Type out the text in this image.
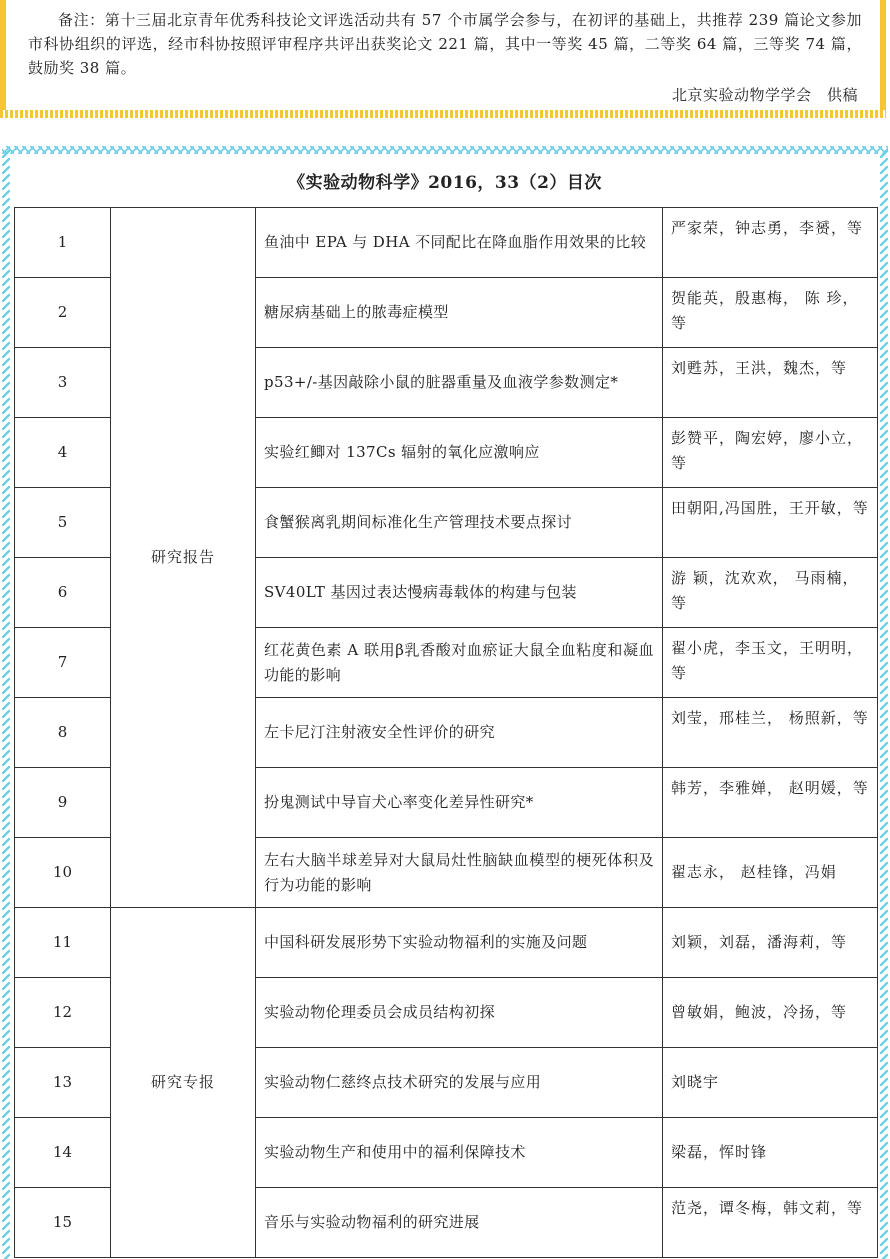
备注：第十三届北京青年优秀科技论文评选活动共有 57 个市属学会参与，在初评的基础上，共推荐 239 篇论文参加市科协组织的评选，经市科协按照评审程序共评出获奖论文 221 篇，其中一等奖 45 篇，二等奖 64 篇，三等奖 74 篇，鼓励奖 38 篇。
北京实验动物学学会　供稿
《实验动物科学》2016，33（2）目次
1	研究报告	鱼油中 EPA 与 DHA 不同配比在降血脂作用效果的比较	严家荣，钟志勇，李赟，等
2		糖尿病基础上的脓毒症模型	贺能英，殷惠梅， 陈 珍，等
3		p53+/-基因敲除小鼠的脏器重量及血液学参数测定*	刘甦苏，王洪，魏杰，等
4		实验红鲫对 137Cs 辐射的氧化应激响应	彭赞平，陶宏婷，廖小立，等
5		食蟹猴离乳期间标准化生产管理技术要点探讨	田朝阳,冯国胜，王开敏，等
6		SV40LT 基因过表达慢病毒载体的构建与包装	游 颖，沈欢欢， 马雨楠，等
7		红花黄色素 A 联用β乳香酸对血瘀证大鼠全血粘度和凝血功能的影响	翟小虎，李玉文，王明明，等
8		左卡尼汀注射液安全性评价的研究	刘莹，邢桂兰， 杨照新，等
9		扮鬼测试中导盲犬心率变化差异性研究*	韩芳，李雅婵， 赵明媛，等
10		左右大脑半球差异对大鼠局灶性脑缺血模型的梗死体积及行为功能的影响	翟志永， 赵桂锋，冯娟
11	研究专报	中国科研发展形势下实验动物福利的实施及问题	刘颖，刘磊，潘海莉，等
12		实验动物伦理委员会成员结构初探	曾敏娟，鲍波，冷扬，等
13		实验动物仁慈终点技术研究的发展与应用	刘晓宇
14		实验动物生产和使用中的福利保障技术	梁磊，恽时锋
15		音乐与实验动物福利的研究进展	范尧，谭冬梅，韩文莉，等
